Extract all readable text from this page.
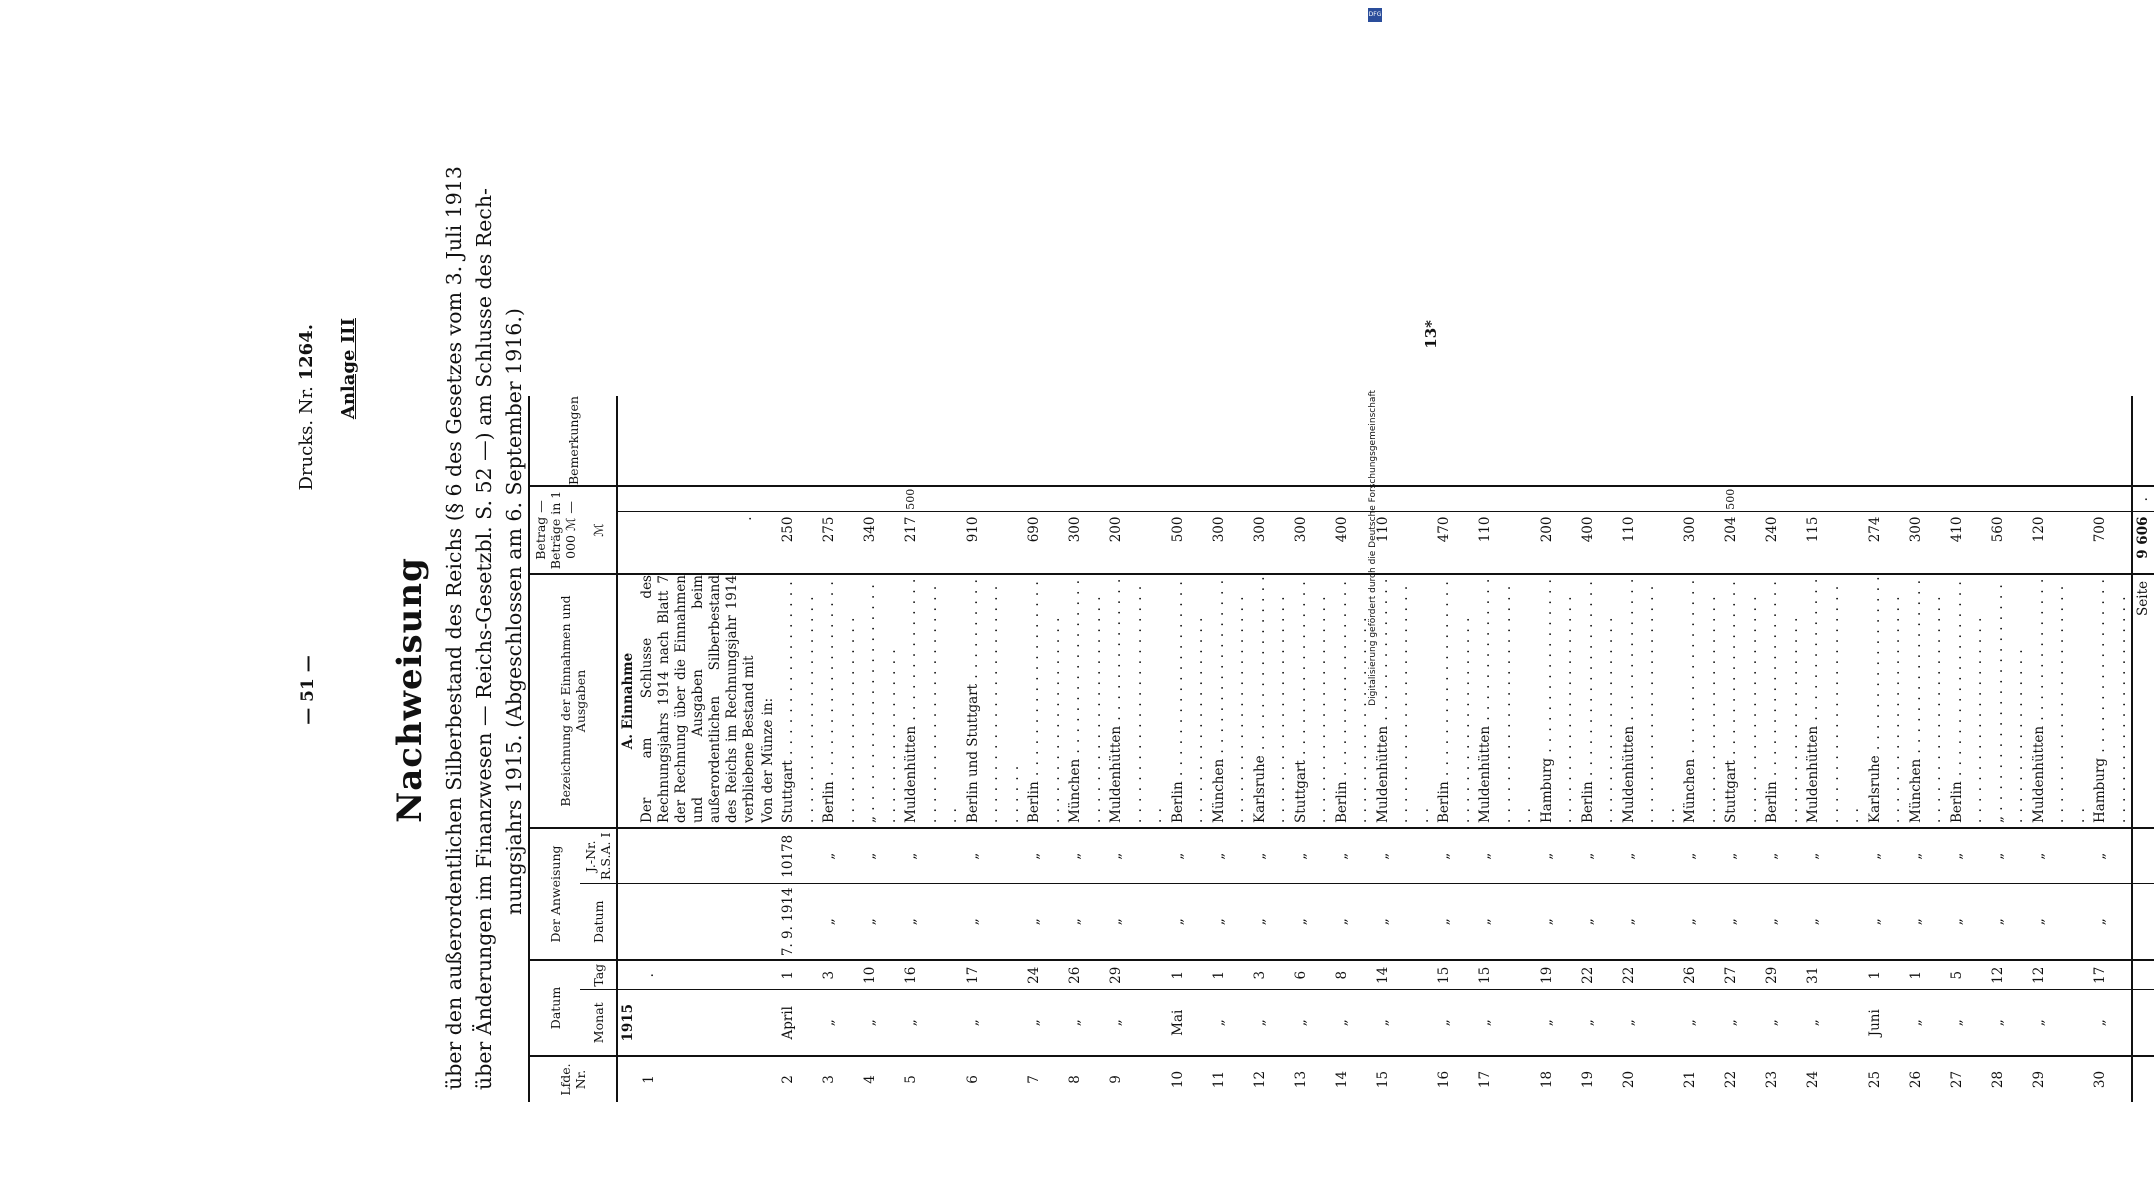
— 51 —
Drucks. Nr. 1264. Anlage III
Nachweisung über den außerordentlichen Silberbestand des Reichs (§ 6 des Gesetzes vom 3. Juli 1913 über Änderungen im Finanzwesen — Reichs-Gesetzbl. S. 52 —) am Schlusse des Rech- nungsjahrs 1915. (Abgeschlossen am 6. September 1916.)
Lfde. Nr.	Datum		Der Anweisung		Bezeichnung der Einnahmen und Ausgaben	Betrag — Beträge in 1 000 ℳ —		Bemerkungen
	Monat	Tag	Datum	J.-Nr. R.S.A. I		ℳ		
	1915				A. Einnahme			
1		.			Der am Schlusse des Rechnungsjahrs 1914 nach Blatt 7 der Rechnung über die Einnahmen und Ausgaben beim außerordentlichen Silberbestand des Reichs im Rechnungsjahr 1914 verbliebene Bestand mit	.		
					Von der Münze in:			
2	April	1	7. 9. 1914	10178	Stuttgart . . .	250		
3	„	3	„	„	Berlin . . .	275		
4	„	10	„	„	„ . . .	340		
5	„	16	„	„	Muldenhütten . . .	217	500	
6	„	17	„	„	Berlin und Stuttgart . . .	910		
7	„	24	„	„	Berlin . . .	690		
8	„	26	„	„	München . . .	300		
9	„	29	„	„	Muldenhütten . . .	200		
10	Mai	1	„	„	Berlin . . .	500		
11	„	1	„	„	München . . .	300		
12	„	3	„	„	Karlsruhe . . .	300		
13	„	6	„	„	Stuttgart . . .	300		
14	„	8	„	„	Berlin . . .	400		
15	„	14	„	„	Muldenhütten . . .	110		
16	„	15	„	„	Berlin . . .	470		
17	„	15	„	„	Muldenhütten . . .	110		
18	„	19	„	„	Hamburg . . .	200		
19	„	22	„	„	Berlin . . .	400		
20	„	22	„	„	Muldenhütten . . .	110		
21	„	26	„	„	München . . .	300		
22	„	27	„	„	Stuttgart . . .	204	500	
23	„	29	„	„	Berlin . . .	240		
24	„	31	„	„	Muldenhütten . . .	115		
25	Juni	1	„	„	Karlsruhe . . .	274		
26	„	1	„	„	München . . .	300		
27	„	5	„	„	Berlin . . .	410		
28	„	12	„	„	„ . . .	560		
29	„	12	„	„	Muldenhütten . . .	120		
30	„	17	„	„	Hamburg . . .	700		
					Seite	9 606	.	
13*
DFG
Digitalisierung gefördert durch die Deutsche Forschungsgemeinschaft
